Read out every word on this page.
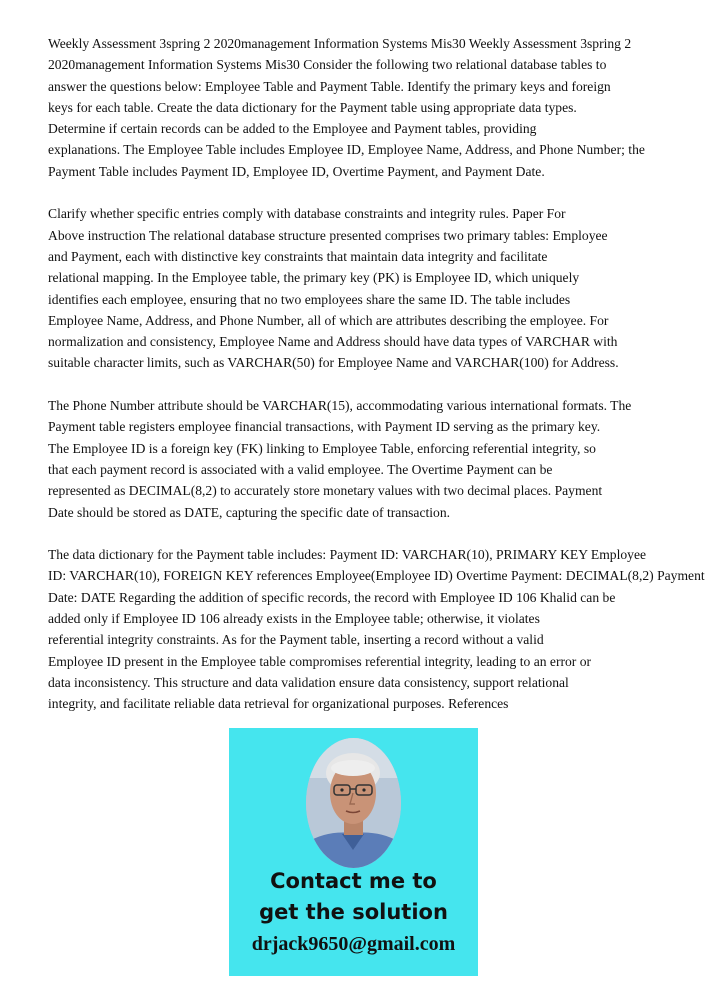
Weekly Assessment 3spring 2 2020management Information Systems Mis30 Weekly Assessment 3spring 2
2020management Information Systems Mis30 Consider the following two relational database tables to
answer the questions below: Employee Table and Payment Table. Identify the primary keys and foreign
keys for each table. Create the data dictionary for the Payment table using appropriate data types.
Determine if certain records can be added to the Employee and Payment tables, providing
explanations. The Employee Table includes Employee ID, Employee Name, Address, and Phone Number; the
Payment Table includes Payment ID, Employee ID, Overtime Payment, and Payment Date.

Clarify whether specific entries comply with database constraints and integrity rules. Paper For
Above instruction The relational database structure presented comprises two primary tables: Employee
and Payment, each with distinctive key constraints that maintain data integrity and facilitate
relational mapping. In the Employee table, the primary key (PK) is Employee ID, which uniquely
identifies each employee, ensuring that no two employees share the same ID. The table includes
Employee Name, Address, and Phone Number, all of which are attributes describing the employee. For
normalization and consistency, Employee Name and Address should have data types of VARCHAR with
suitable character limits, such as VARCHAR(50) for Employee Name and VARCHAR(100) for Address.

The Phone Number attribute should be VARCHAR(15), accommodating various international formats. The
Payment table registers employee financial transactions, with Payment ID serving as the primary key.
The Employee ID is a foreign key (FK) linking to Employee Table, enforcing referential integrity, so
that each payment record is associated with a valid employee. The Overtime Payment can be
represented as DECIMAL(8,2) to accurately store monetary values with two decimal places. Payment
Date should be stored as DATE, capturing the specific date of transaction.

The data dictionary for the Payment table includes: Payment ID: VARCHAR(10), PRIMARY KEY Employee
ID: VARCHAR(10), FOREIGN KEY references Employee(Employee ID) Overtime Payment: DECIMAL(8,2) Payment
Date: DATE Regarding the addition of specific records, the record with Employee ID 106 Khalid can be
added only if Employee ID 106 already exists in the Employee table; otherwise, it violates
referential integrity constraints. As for the Payment table, inserting a record without a valid
Employee ID present in the Employee table compromises referential integrity, leading to an error or
data inconsistency. This structure and data validation ensure data consistency, support relational
integrity, and facilitate reliable data retrieval for organizational purposes. References

Contact me to
get the solution
drjack9650@gmail.com
